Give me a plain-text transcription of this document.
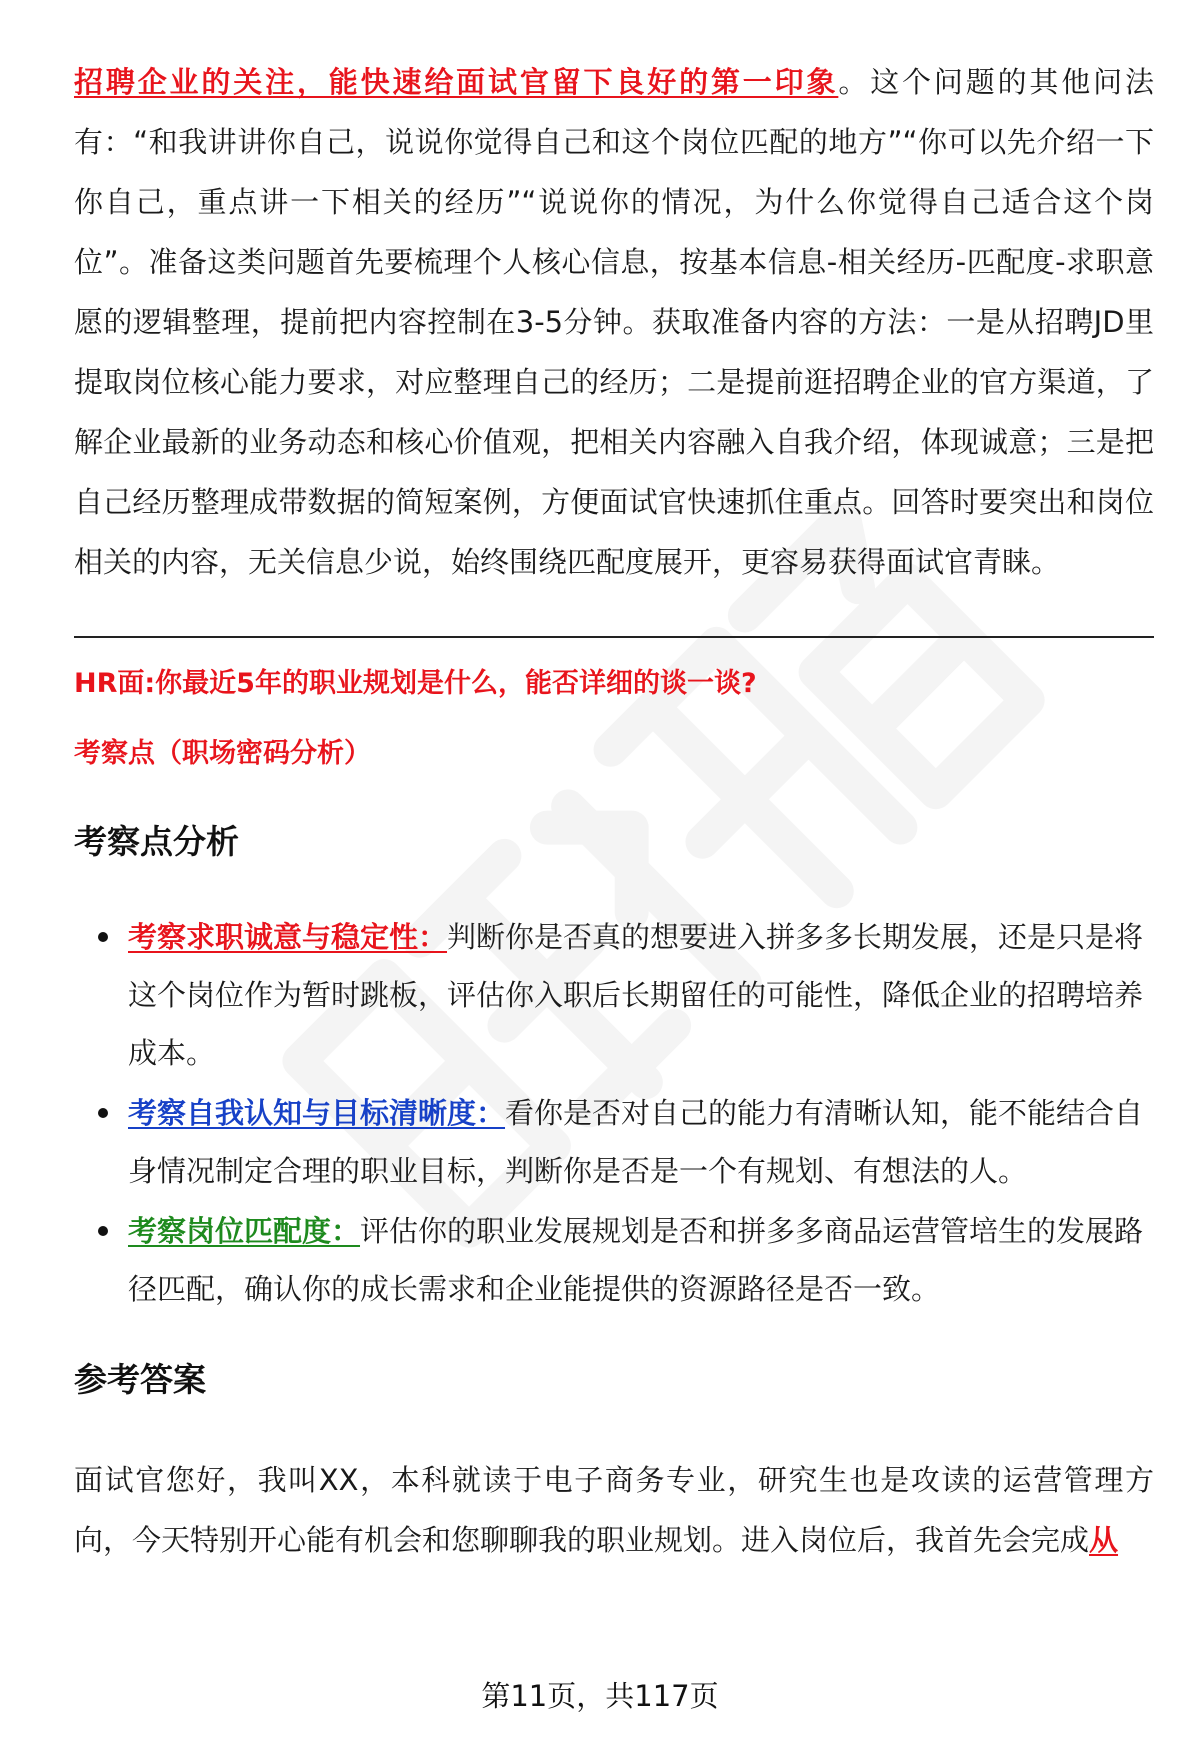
招聘企业的关注，能快速给面试官留下良好的第一印象。这个问题的其他问法有：“和我讲讲你自己，说说你觉得自己和这个岗位匹配的地方”“你可以先介绍一下你自己，重点讲一下相关的经历”“说说你的情况，为什么你觉得自己适合这个岗位”。准备这类问题首先要梳理个人核心信息，按基本信息-相关经历-匹配度-求职意愿的逻辑整理，提前把内容控制在3-5分钟。获取准备内容的方法：一是从招聘JD里提取岗位核心能力要求，对应整理自己的经历；二是提前逛招聘企业的官方渠道，了解企业最新的业务动态和核心价值观，把相关内容融入自我介绍，体现诚意；三是把自己经历整理成带数据的简短案例，方便面试官快速抓住重点。回答时要突出和岗位相关的内容，无关信息少说，始终围绕匹配度展开，更容易获得面试官青睐。

HR面:你最近5年的职业规划是什么，能否详细的谈一谈?
考察点（职场密码分析）
考察点分析
考察求职诚意与稳定性：判断你是否真的想要进入拼多多长期发展，还是只是将这个岗位作为暂时跳板，评估你入职后长期留任的可能性，降低企业的招聘培养成本。
考察自我认知与目标清晰度：看你是否对自己的能力有清晰认知，能不能结合自身情况制定合理的职业目标，判断你是否是一个有规划、有想法的人。
考察岗位匹配度：评估你的职业发展规划是否和拼多多商品运营管培生的发展路径匹配，确认你的成长需求和企业能提供的资源路径是否一致。
参考答案

面试官您好，我叫XX，本科就读于电子商务专业，研究生也是攻读的运营管理方向，今天特别开心能有机会和您聊聊我的职业规划。进入岗位后，我首先会完成从

第11页，共117页
